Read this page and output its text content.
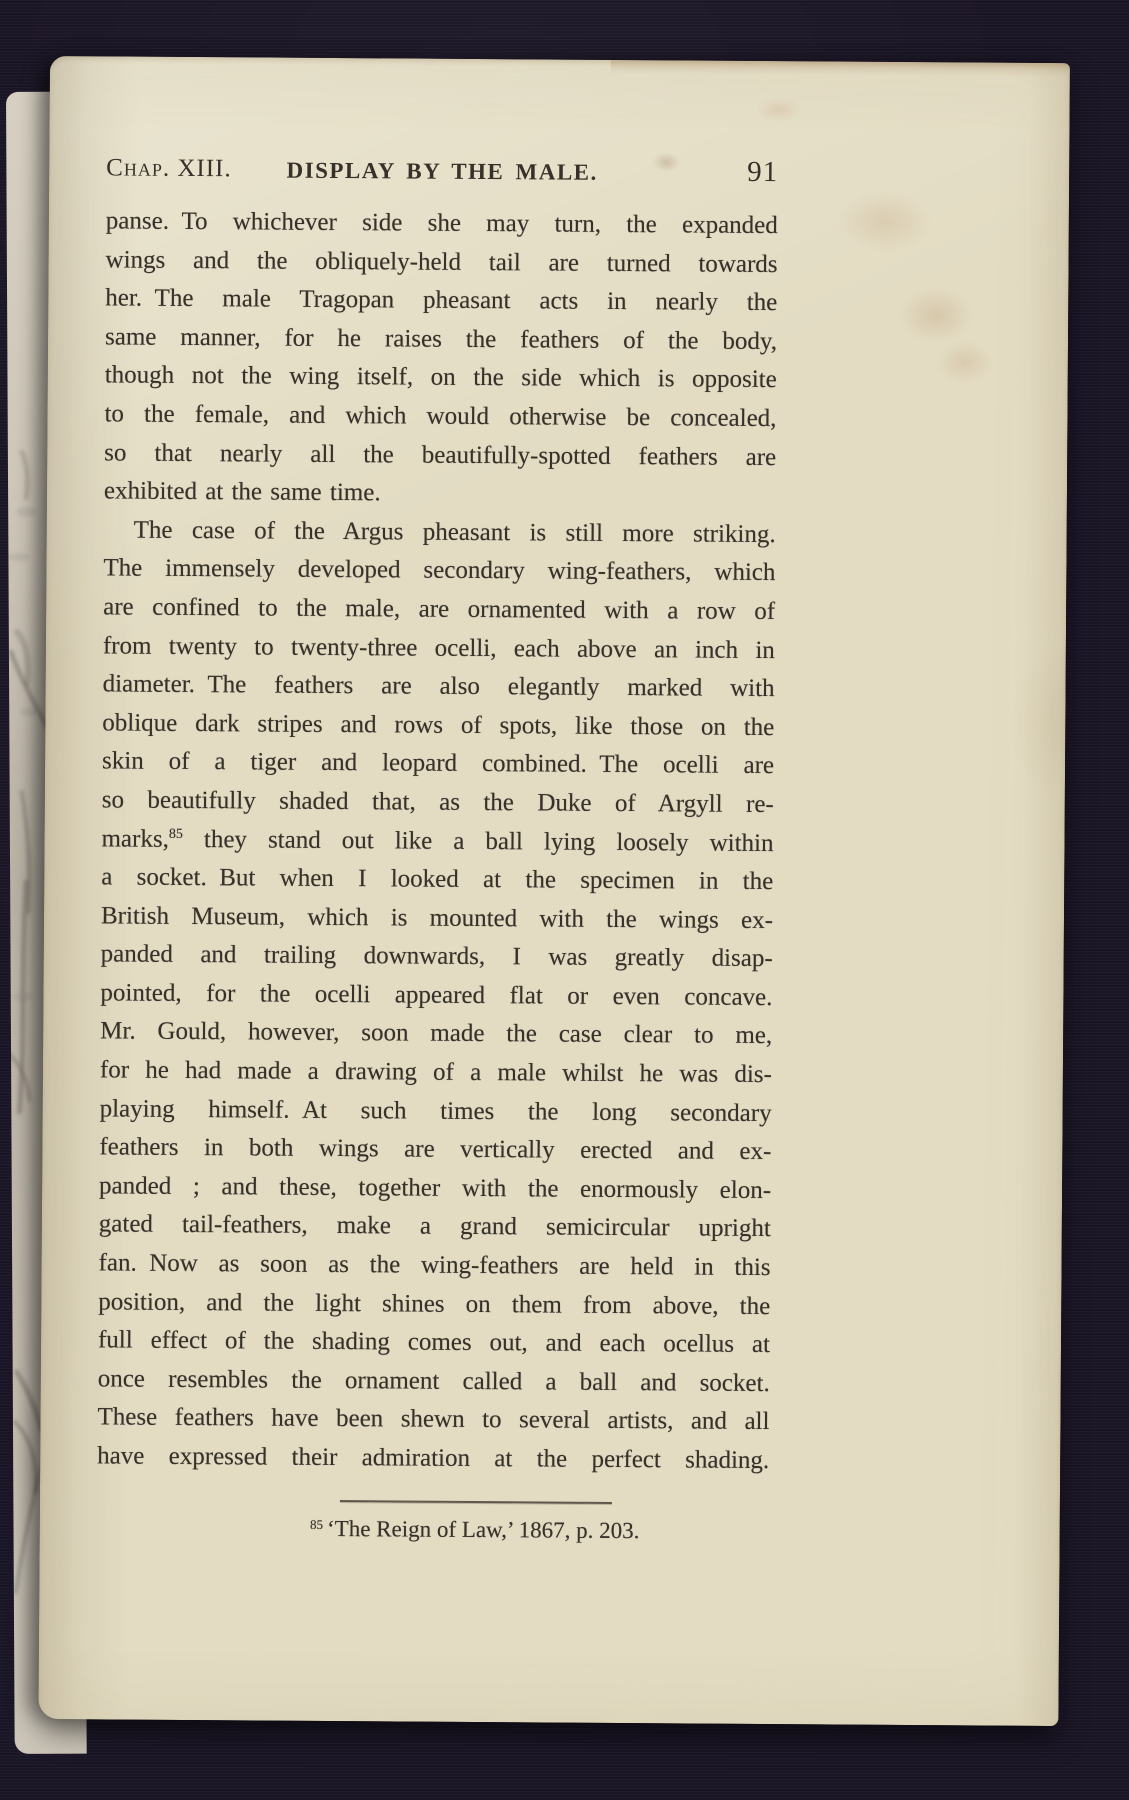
Chap. XIII.	DISPLAY BY THE MALE.	91
panse. To whichever side she may turn, the expanded
wings and the obliquely-held tail are turned towards
her. The male Tragopan pheasant acts in nearly the
same manner, for he raises the feathers of the body,
though not the wing itself, on the side which is opposite
to the female, and which would otherwise be concealed,
so that nearly all the beautifully-spotted feathers are
exhibited at the same time.
The case of the Argus pheasant is still more striking.
The immensely developed secondary wing-feathers, which
are confined to the male, are ornamented with a row of
from twenty to twenty-three ocelli, each above an inch in
diameter. The feathers are also elegantly marked with
oblique dark stripes and rows of spots, like those on the
skin of a tiger and leopard combined. The ocelli are
so beautifully shaded that, as the Duke of Argyll re-
marks,$^{85}$ they stand out like a ball lying loosely within
a socket. But when I looked at the specimen in the
British Museum, which is mounted with the wings ex-
panded and trailing downwards, I was greatly disap-
pointed, for the ocelli appeared flat or even concave.
Mr. Gould, however, soon made the case clear to me,
for he had made a drawing of a male whilst he was dis-
playing himself. At such times the long secondary
feathers in both wings are vertically erected and ex-
panded ; and these, together with the enormously elon-
gated tail-feathers, make a grand semicircular upright
fan. Now as soon as the wing-feathers are held in this
position, and the light shines on them from above, the
full effect of the shading comes out, and each ocellus at
once resembles the ornament called a ball and socket.
These feathers have been shewn to several artists, and all
have expressed their admiration at the perfect shading.
$^{85}$ ‘The Reign of Law,’ 1867, p. 203.
